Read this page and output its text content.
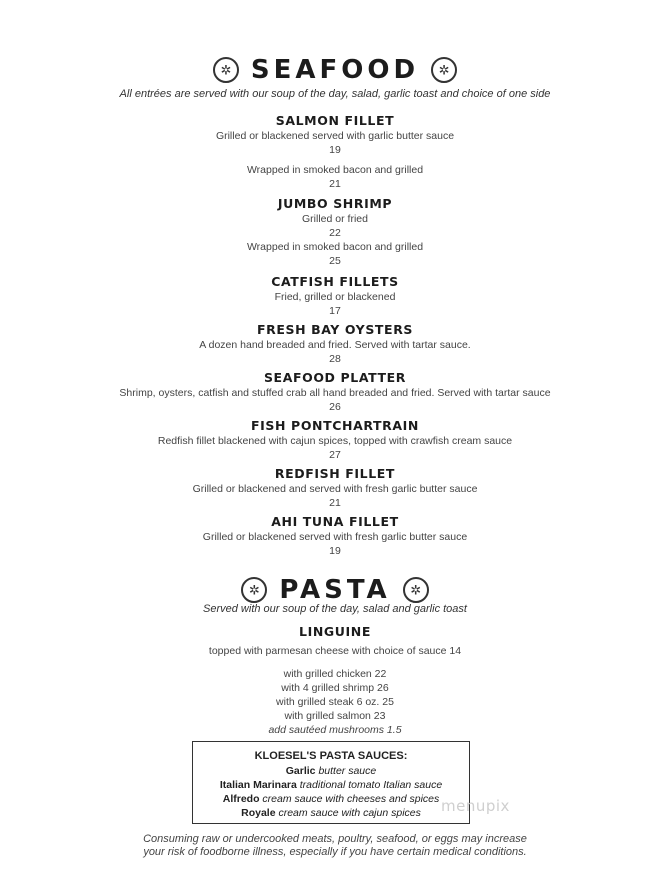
✲ SEAFOOD ✲
All entrées are served with our soup of the day, salad, garlic toast and choice of one side
SALMON FILLET
Grilled or blackened served with garlic butter sauce
19
Wrapped in smoked bacon and grilled
21
JUMBO SHRIMP
Grilled or fried
22
Wrapped in smoked bacon and grilled
25
CATFISH FILLETS
Fried, grilled or blackened
17
FRESH BAY OYSTERS
A dozen hand breaded and fried. Served with tartar sauce.
28
SEAFOOD PLATTER
Shrimp, oysters, catfish and stuffed crab all hand breaded and fried. Served with tartar sauce
26
FISH PONTCHARTRAIN
Redfish fillet blackened with cajun spices, topped with crawfish cream sauce
27
REDFISH FILLET
Grilled or blackened and served with fresh garlic butter sauce
21
AHI TUNA FILLET
Grilled or blackened served with fresh garlic butter sauce
19
✲ PASTA ✲
Served with our soup of the day, salad and garlic toast
LINGUINE
topped with parmesan cheese with choice of sauce 14
with grilled chicken 22
with 4 grilled shrimp 26
with grilled steak 6 oz. 25
with grilled salmon 23
add sautéed mushrooms 1.5
KLOESEL'S PASTA SAUCES:
Garlic butter sauce
Italian Marinara traditional tomato Italian sauce
Alfredo cream sauce with cheeses and spices
Royale cream sauce with cajun spices	menupix
Consuming raw or undercooked meats, poultry, seafood, or eggs may increase
your risk of foodborne illness, especially if you have certain medical conditions.
